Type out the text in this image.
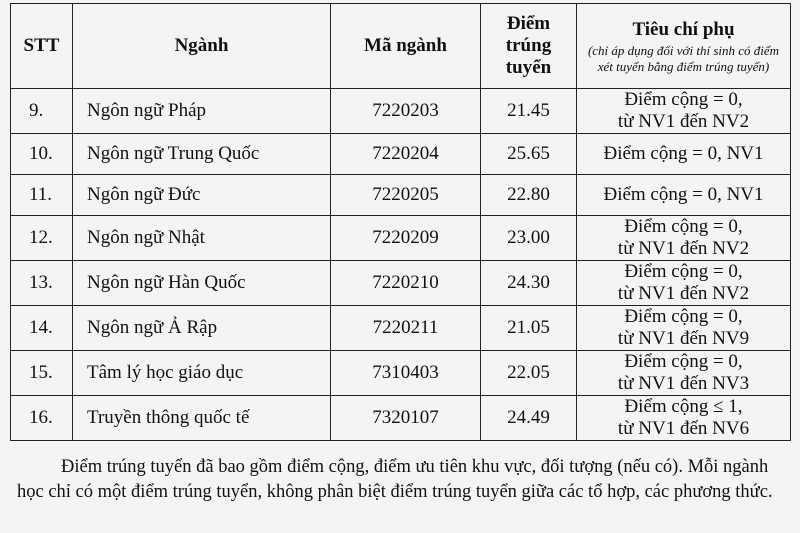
STT	Ngành	Mã ngành	Điểm
trúng
tuyển	Tiêu chí phụ
(chỉ áp dụng đối với thí sinh có điểm
xét tuyển bằng điểm trúng tuyển)

9.	Ngôn ngữ Pháp	7220203	21.45	Điểm cộng = 0,
từ NV1 đến NV2

10.	Ngôn ngữ Trung Quốc	7220204	25.65	Điểm cộng = 0, NV1

11.	Ngôn ngữ Đức	7220205	22.80	Điểm cộng = 0, NV1

12.	Ngôn ngữ Nhật	7220209	23.00	Điểm cộng = 0,
từ NV1 đến NV2

13.	Ngôn ngữ Hàn Quốc	7220210	24.30	Điểm cộng = 0,
từ NV1 đến NV2

14.	Ngôn ngữ Ả Rập	7220211	21.05	Điểm cộng = 0,
từ NV1 đến NV9

15.	Tâm lý học giáo dục	7310403	22.05	Điểm cộng = 0,
từ NV1 đến NV3

16.	Truyền thông quốc tế	7320107	24.49	Điểm cộng ≤ 1,
từ NV1 đến NV6

Điểm trúng tuyển đã bao gồm điểm cộng, điểm ưu tiên khu vực, đối tượng (nếu có). Mỗi ngành học chỉ có một điểm trúng tuyển, không phân biệt điểm trúng tuyển giữa các tổ hợp, các phương thức.
